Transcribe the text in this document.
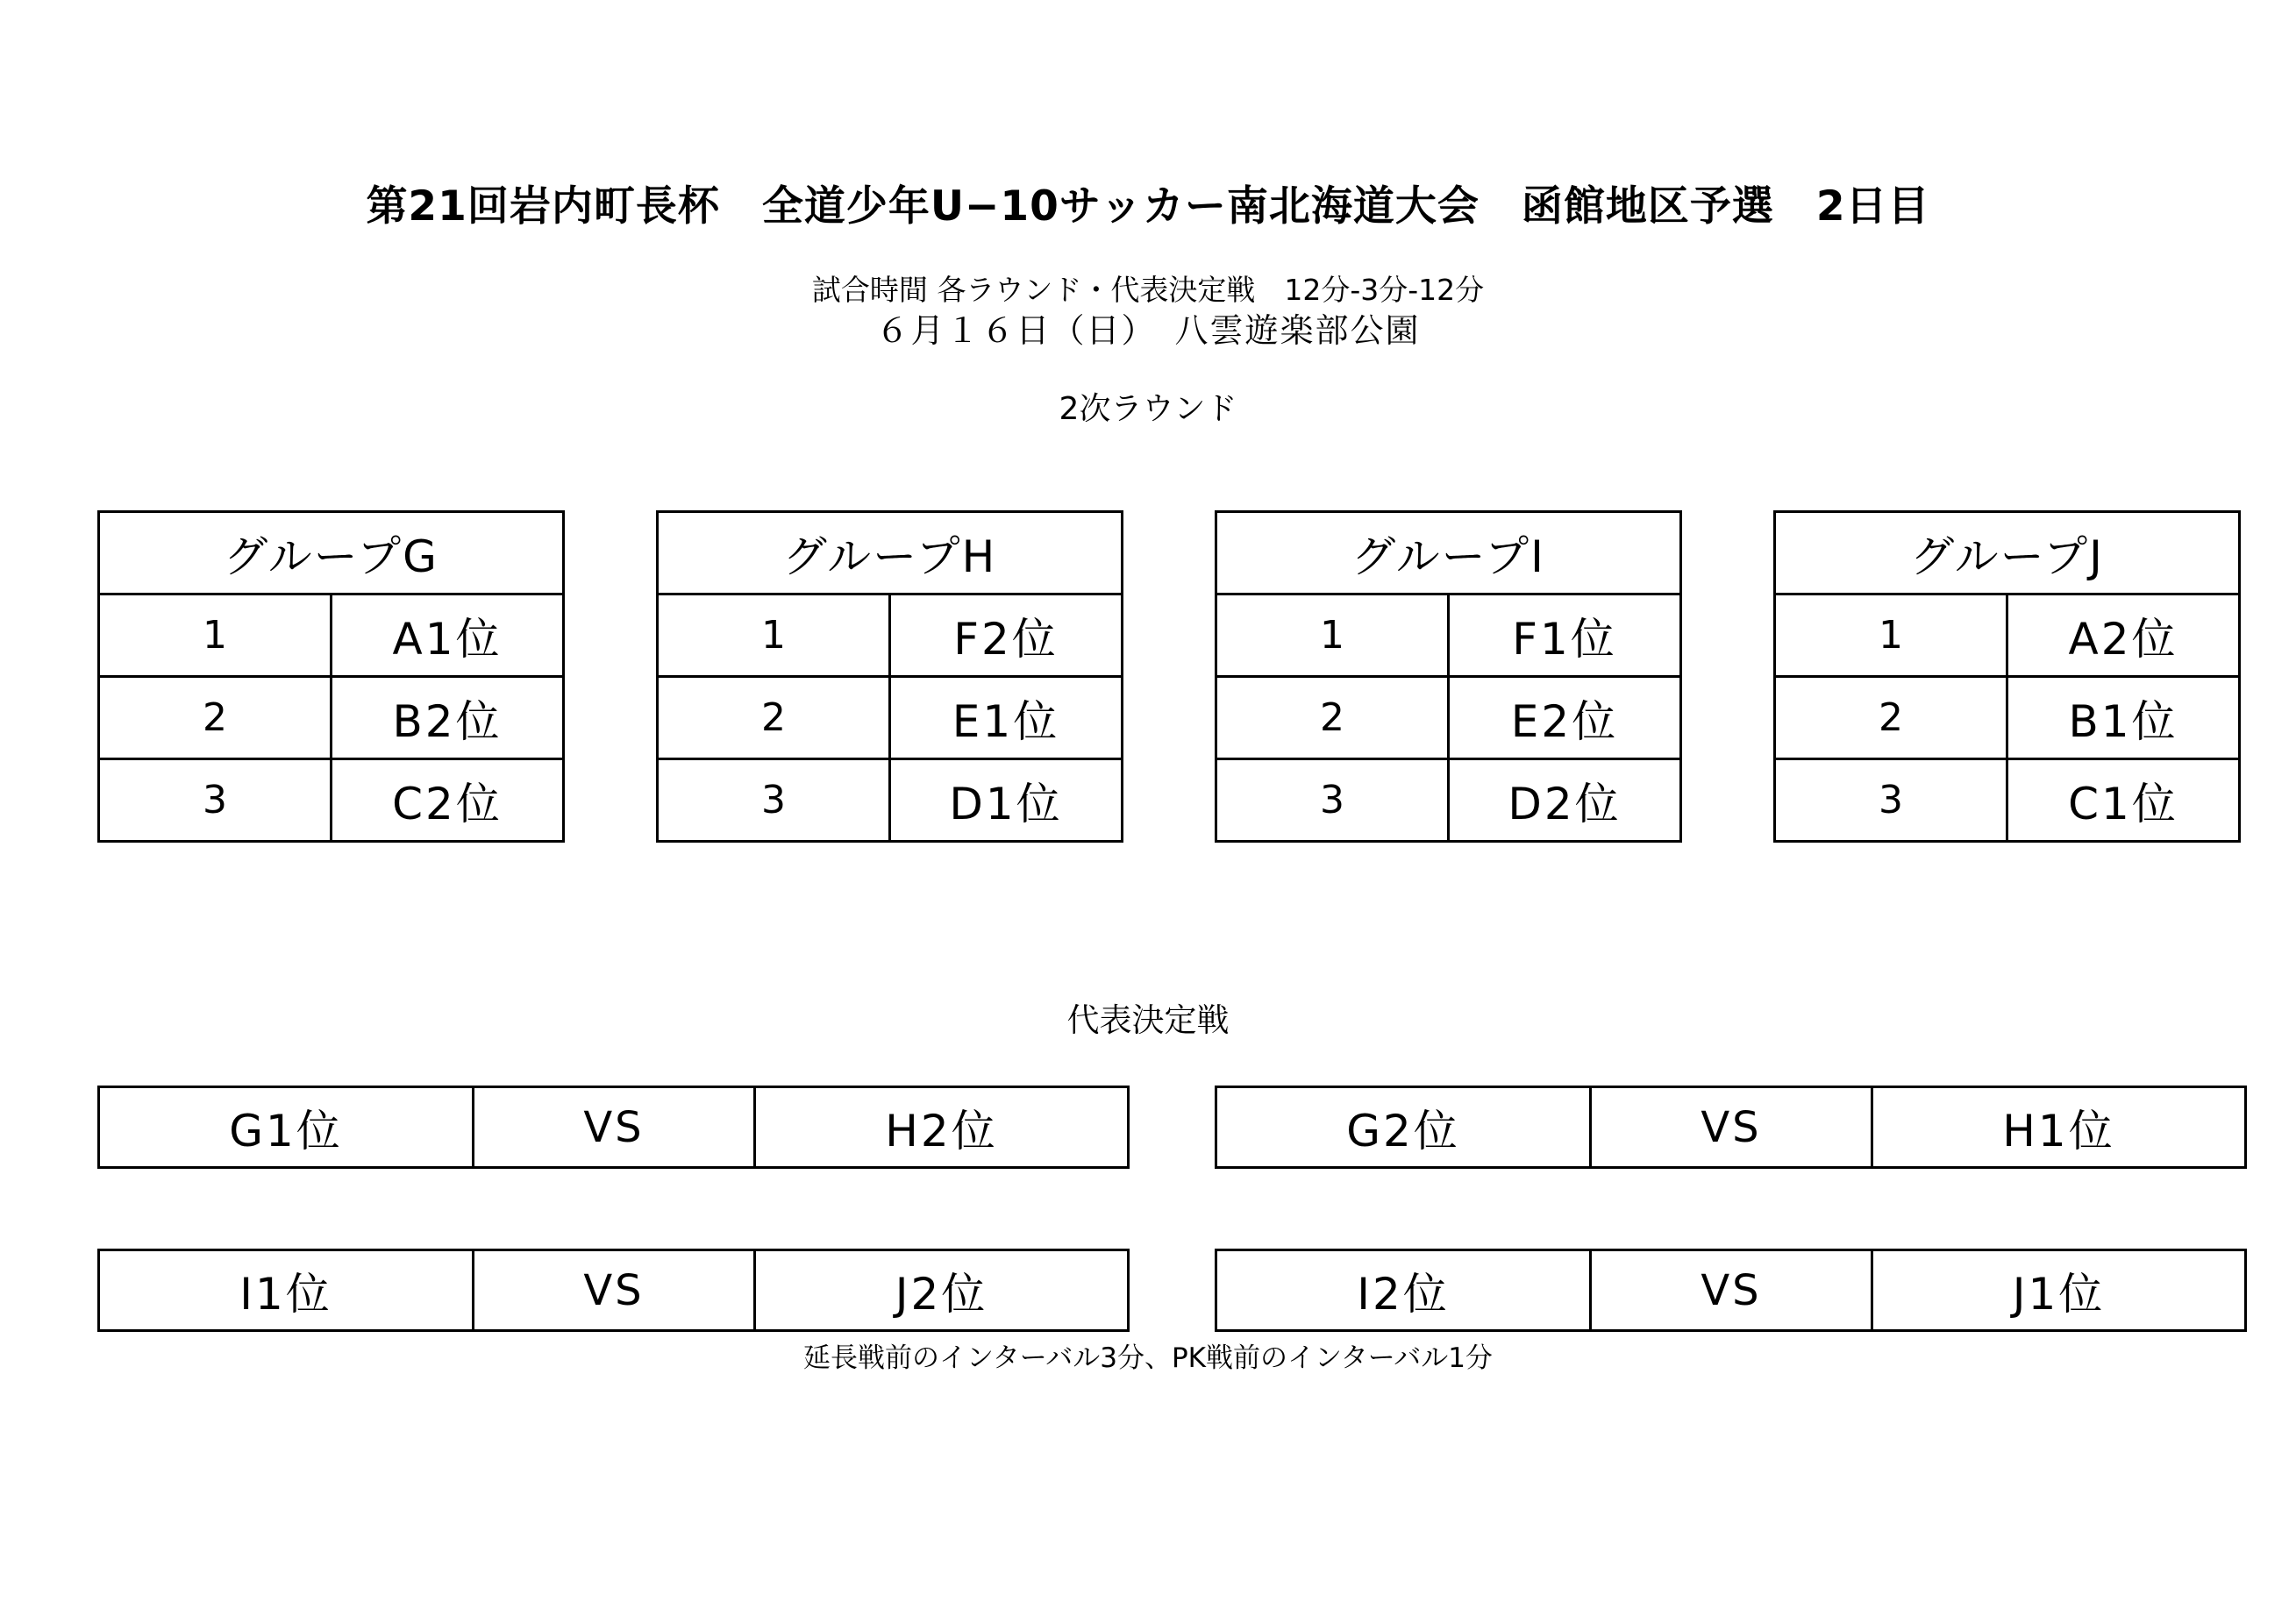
第21回岩内町長杯　全道少年U−10サッカー南北海道大会　函館地区予選　2日目
試合時間 各ラウンド・代表決定戦　12分-3分-12分
６月１６日（日）　八雲遊楽部公園
2次ラウンド
グループG	
1	A1位
2	B2位
3	C2位
グループH	
1	F2位
2	E1位
3	D1位
グループI	
1	F1位
2	E2位
3	D2位
グループJ	
1	A2位
2	B1位
3	C1位
代表決定戦
G1位	VS	H2位	G2位	VS	H1位
I1位	VS	J2位	I2位	VS	J1位
延長戦前のインターバル3分、PK戦前のインターバル1分
